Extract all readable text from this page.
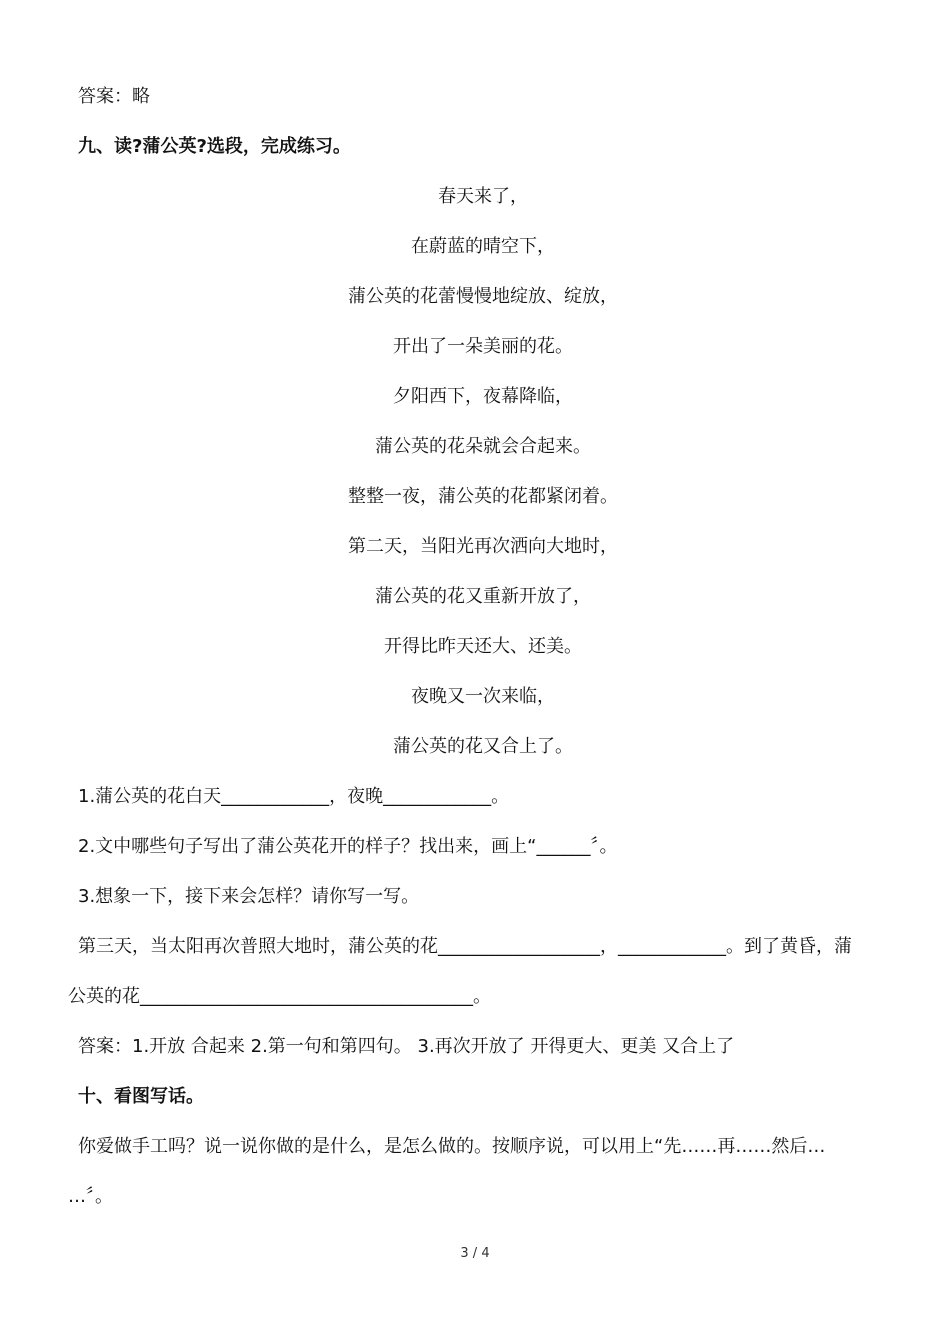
答案：略
九、读?蒲公英?选段，完成练习。
春天来了，
在蔚蓝的晴空下，
蒲公英的花蕾慢慢地绽放、绽放，
开出了一朵美丽的花。
夕阳西下，夜幕降临，
蒲公英的花朵就会合起来。
整整一夜，蒲公英的花都紧闭着。
第二天，当阳光再次洒向大地时，
蒲公英的花又重新开放了，
开得比昨天还大、还美。
夜晚又一次来临，
蒲公英的花又合上了。
1.蒲公英的花白天____________，夜晚____________。
2.文中哪些句子写出了蒲公英花开的样子？找出来，画上“______〞。
3.想象一下，接下来会怎样？请你写一写。
第三天，当太阳再次普照大地时，蒲公英的花__________________，____________。到了黄昏，蒲
公英的花_____________________________________。
答案：1.开放 合起来 2.第一句和第四句。 3.再次开放了 开得更大、更美 又合上了
十、看图写话。
你爱做手工吗？说一说你做的是什么，是怎么做的。按顺序说，可以用上“先……再……然后…
…〞。
3 / 4
